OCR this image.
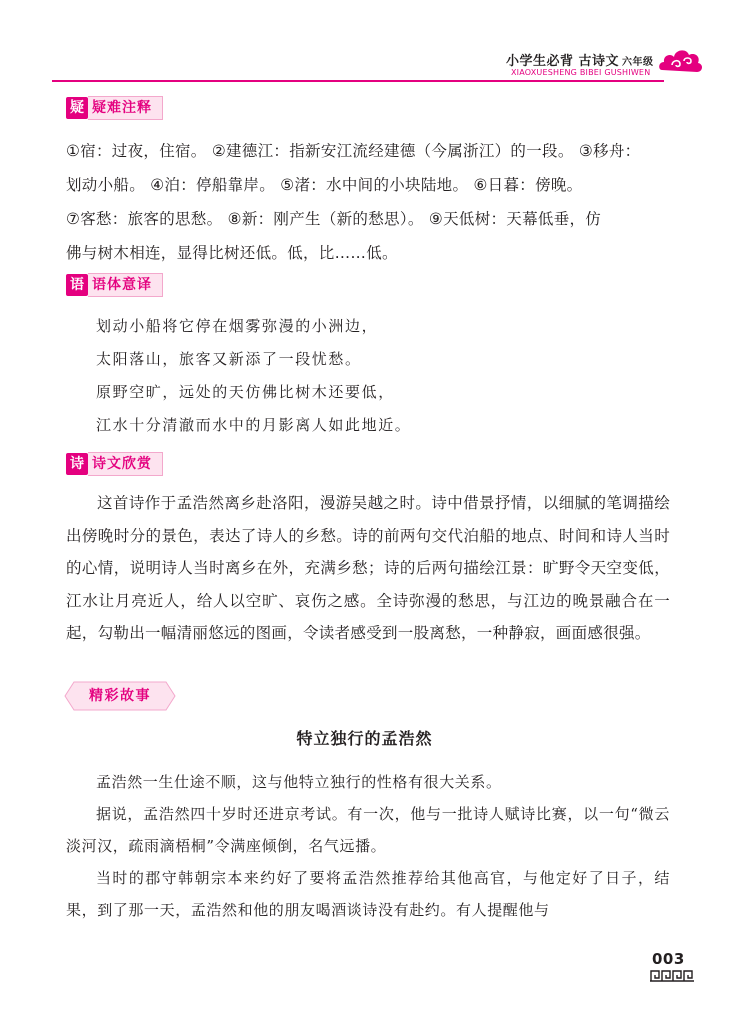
小学生必背 古诗文 六年级
XIAOXUESHENG BIBEI GUSHIWEN
疑 疑难注释

①宿：过夜，住宿。 ②建德江：指新安江流经建德（今属浙江）的一段。 ③移舟：

划动小船。 ④泊：停船靠岸。 ⑤渚：水中间的小块陆地。 ⑥日暮：傍晚。

⑦客愁：旅客的思愁。 ⑧新：刚产生（新的愁思）。 ⑨天低树：天幕低垂，仿

佛与树木相连，显得比树还低。低，比……低。

语 语体意译

划动小船将它停在烟雾弥漫的小洲边，

太阳落山，旅客又新添了一段忧愁。

原野空旷，远处的天仿佛比树木还要低，

江水十分清澈而水中的月影离人如此地近。

诗 诗文欣赏

这首诗作于孟浩然离乡赴洛阳，漫游吴越之时。诗中借景抒情，以细腻的笔调描绘出傍晚时分的景色，表达了诗人的乡愁。诗的前两句交代泊船的地点、时间和诗人当时的心情，说明诗人当时离乡在外，充满乡愁；诗的后两句描绘江景：旷野令天空变低，江水让月亮近人，给人以空旷、哀伤之感。全诗弥漫的愁思，与江边的晚景融合在一起，勾勒出一幅清丽悠远的图画，令读者感受到一股离愁，一种静寂，画面感很强。

精彩故事
特立独行的孟浩然

孟浩然一生仕途不顺，这与他特立独行的性格有很大关系。

据说，孟浩然四十岁时还进京考试。有一次，他与一批诗人赋诗比赛，以一句“微云淡河汉，疏雨滴梧桐”令满座倾倒，名气远播。

当时的郡守韩朝宗本来约好了要将孟浩然推荐给其他高官，与他定好了日子，结果，到了那一天，孟浩然和他的朋友喝酒谈诗没有赴约。有人提醒他与

003
